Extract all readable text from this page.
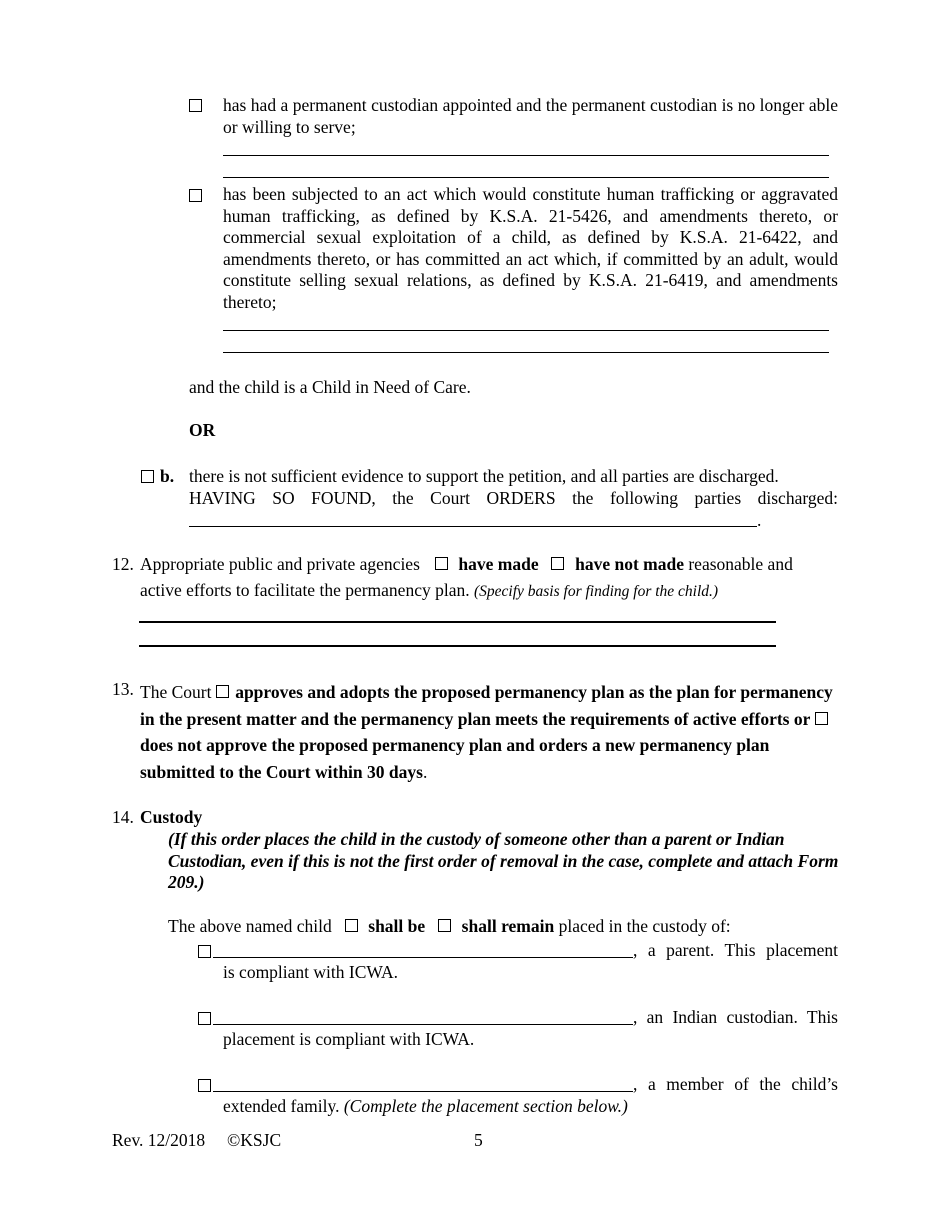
has had a permanent custodian appointed and the permanent custodian is no longer able or willing to serve;
has been subjected to an act which would constitute human trafficking or aggravated human trafficking, as defined by K.S.A. 21-5426, and amendments thereto, or commercial sexual exploitation of a child, as defined by K.S.A. 21-6422, and amendments thereto, or has committed an act which, if committed by an adult, would constitute selling sexual relations, as defined by K.S.A. 21-6419, and amendments thereto;
and the child is a Child in Need of Care.
OR
b. there is not sufficient evidence to support the petition, and all parties are discharged.
HAVING SO FOUND, the Court ORDERS the following parties discharged:
.
12. Appropriate public and private agencies have made have not made reasonable and
active efforts to facilitate the permanency plan. (Specify basis for finding for the child.)
13. The Court approves and adopts the proposed permanency plan as the plan for permanency in the present matter and the permanency plan meets the requirements of active efforts or  does not approve the proposed permanency plan and orders a new permanency plan submitted to the Court within 30 days.
14. Custody
(If this order places the child in the custody of someone other than a parent or Indian Custodian, even if this is not the first order of removal in the case, complete and attach Form 209.)
The above named child shall be shall remain placed in the custody of:
, a parent. This placement
is compliant with ICWA.
, an Indian custodian. This
placement is compliant with ICWA.
, a member of the child’s
extended family. (Complete the placement section below.)
Rev. 12/2018 ©KSJC	5
